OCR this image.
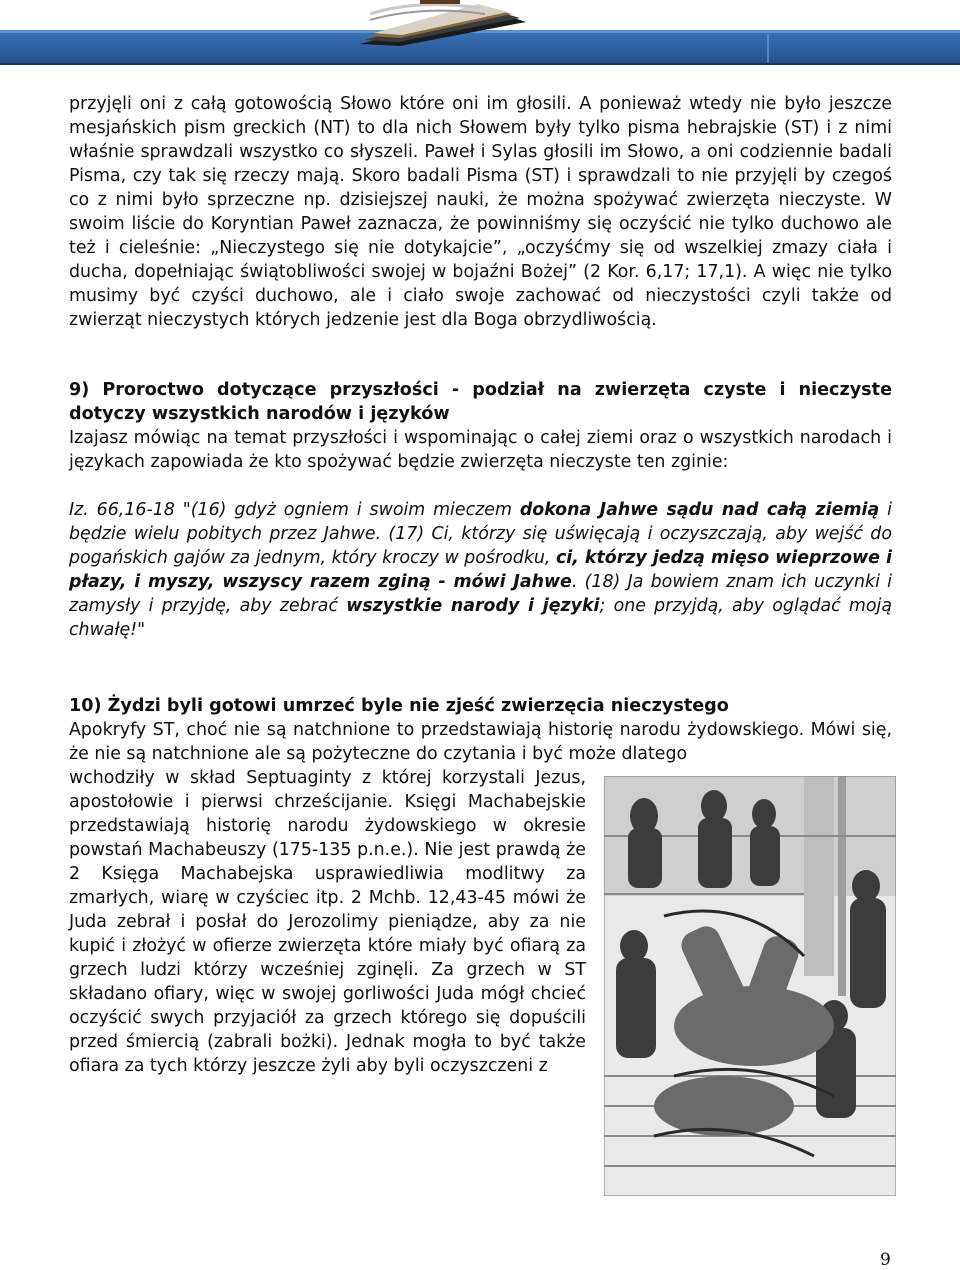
przyjęli oni z całą gotowością Słowo które oni im głosili. A ponieważ wtedy nie było jeszcze mesjańskich pism greckich (NT) to dla nich Słowem były tylko pisma hebrajskie (ST) i z nimi właśnie sprawdzali wszystko co słyszeli. Paweł i Sylas głosili im Słowo, a oni codziennie badali Pisma, czy tak się rzeczy mają. Skoro badali Pisma (ST) i sprawdzali to nie przyjęli by czegoś co z nimi było sprzeczne np. dzisiejszej nauki, że można spożywać zwierzęta nieczyste. W swoim liście do Koryntian Paweł zaznacza, że powinniśmy się oczyścić nie tylko duchowo ale też i cieleśnie: „Nieczystego się nie dotykajcie”, „oczyśćmy się od wszelkiej zmazy ciała i ducha, dopełniając świątobliwości swojej w bojaźni Bożej” (2 Kor. 6,17; 17,1). A więc nie tylko musimy być czyści duchowo, ale i ciało swoje zachować od nieczystości czyli także od zwierząt nieczystych których jedzenie jest dla Boga obrzydliwością.

9) Proroctwo dotyczące przyszłości - podział na zwierzęta czyste i nieczyste dotyczy wszystkich narodów i języków

Izajasz mówiąc na temat przyszłości i wspominając o całej ziemi oraz o wszystkich narodach i językach zapowiada że kto spożywać będzie zwierzęta nieczyste ten zginie:

Iz. 66,16-18 "(16) gdyż ogniem i swoim mieczem dokona Jahwe sądu nad całą ziemią i będzie wielu pobitych przez Jahwe. (17) Ci, którzy się uświęcają i oczyszczają, aby wejść do pogańskich gajów za jednym, który kroczy w pośrodku, ci, którzy jedzą mięso wieprzowe i płazy, i myszy, wszyscy razem zginą - mówi Jahwe. (18) Ja bowiem znam ich uczynki i zamysły i przyjdę, aby zebrać wszystkie narody i języki; one przyjdą, aby oglądać moją chwałę!"

10) Żydzi byli gotowi umrzeć byle nie zjeść zwierzęcia nieczystego

Apokryfy ST, choć nie są natchnione to przedstawiają historię narodu żydowskiego. Mówi się, że nie są natchnione ale są pożyteczne do czytania i być może dlatego

wchodziły w skład Septuaginty z której korzystali Jezus, apostołowie i pierwsi chrześcijanie. Księgi Machabejskie przedstawiają historię narodu żydowskiego w okresie powstań Machabeuszy (175-135 p.n.e.). Nie jest prawdą że 2 Księga Machabejska usprawiedliwia modlitwy za zmarłych, wiarę w czyściec itp. 2 Mchb. 12,43-45 mówi że Juda zebrał i posłał do Jerozolimy pieniądze, aby za nie kupić i złożyć w ofierze zwierzęta które miały być ofiarą za grzech ludzi którzy wcześniej zginęli. Za grzech w ST składano ofiary, więc w swojej gorliwości Juda mógł chcieć oczyścić swych przyjaciół za grzech którego się dopuścili przed śmiercią (zabrali bożki). Jednak mogła to być także ofiara za tych którzy jeszcze żyli aby byli oczyszczeni z

9
